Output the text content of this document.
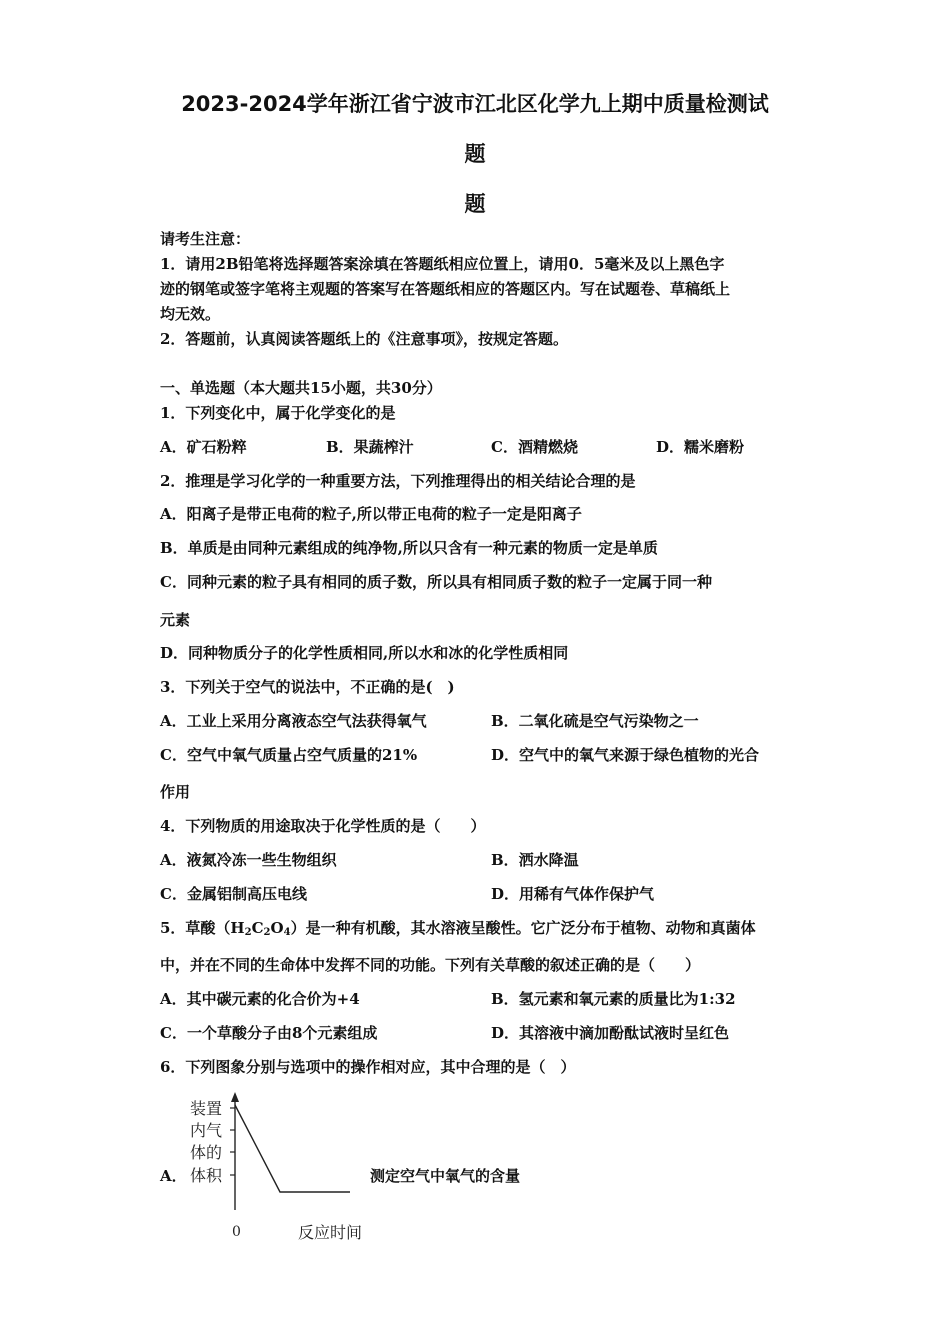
2023-2024学年浙江省宁波市江北区化学九上期中质量检测试
题
题
请考生注意：
1．请用2B铅笔将选择题答案涂填在答题纸相应位置上，请用0．5毫米及以上黑色字
迹的钢笔或签字笔将主观题的答案写在答题纸相应的答题区内。写在试题卷、草稿纸上
均无效。
2．答题前，认真阅读答题纸上的《注意事项》，按规定答题。
一、单选题（本大题共15小题，共30分）
1．下列变化中，属于化学变化的是
A．矿石粉粹	B．果蔬榨汁	C．酒精燃烧	D．糯米磨粉
2．推理是学习化学的一种重要方法，下列推理得出的相关结论合理的是
A．阳离子是带正电荷的粒子,所以带正电荷的粒子一定是阳离子
B．单质是由同种元素组成的纯净物,所以只含有一种元素的物质一定是单质
C．同种元素的粒子具有相同的质子数，所以具有相同质子数的粒子一定属于同一种
元素
D．同种物质分子的化学性质相同,所以水和冰的化学性质相同
3．下列关于空气的说法中，不正确的是(　)
A．工业上采用分离液态空气法获得氧气	B．二氧化硫是空气污染物之一
C．空气中氧气质量占空气质量的21%	D．空气中的氧气来源于绿色植物的光合
作用
4．下列物质的用途取决于化学性质的是（　　）
A．液氮冷冻一些生物组织	B．洒水降温
C．金属铝制高压电线	D．用稀有气体作保护气
5．草酸$(H_2C_2O_4)$是一种有机酸，其水溶液呈酸性。它广泛分布于植物、动物和真菌体
中，并在不同的生命体中发挥不同的功能。下列有关草酸的叙述正确的是（　　）
A．其中碳元素的化合价为+4	B．氢元素和氧元素的质量比为1:32
C．一个草酸分子由8个元素组成	D．其溶液中滴加酚酞试液时呈红色
6．下列图象分别与选项中的操作相对应，其中合理的是（　）
A．	测定空气中氧气的含量
装置
内气
体的
体积
0	反应时间
